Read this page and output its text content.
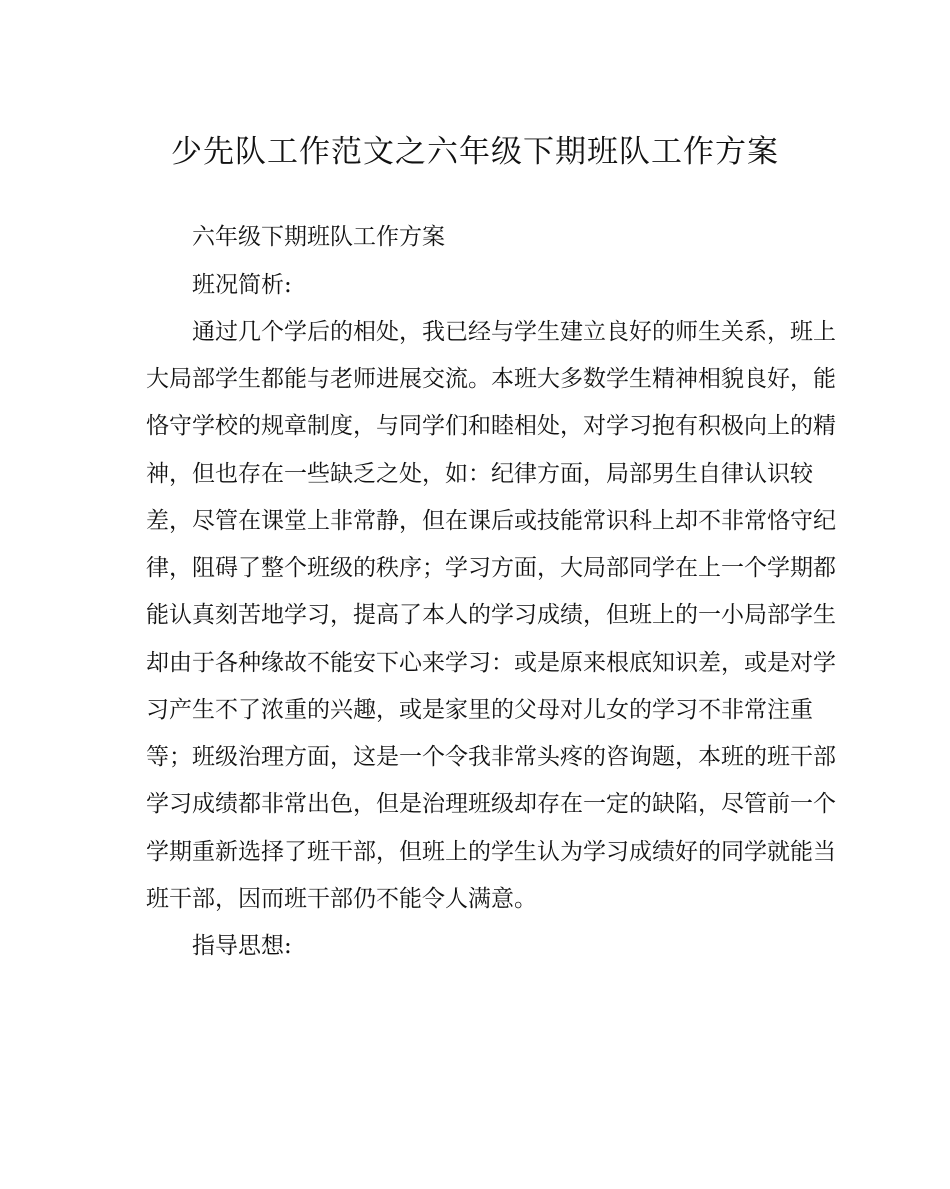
少先队工作范文之六年级下期班队工作方案
六年级下期班队工作方案
班况简析:
通过几个学后的相处，我已经与学生建立良好的师生关系，班上
大局部学生都能与老师进展交流。本班大多数学生精神相貌良好，能
恪守学校的规章制度，与同学们和睦相处，对学习抱有积极向上的精
神，但也存在一些缺乏之处，如：纪律方面，局部男生自律认识较
差，尽管在课堂上非常静，但在课后或技能常识科上却不非常恪守纪
律，阻碍了整个班级的秩序；学习方面，大局部同学在上一个学期都
能认真刻苦地学习，提高了本人的学习成绩，但班上的一小局部学生
却由于各种缘故不能安下心来学习：或是原来根底知识差，或是对学
习产生不了浓重的兴趣，或是家里的父母对儿女的学习不非常注重
等；班级治理方面，这是一个令我非常头疼的咨询题，本班的班干部
学习成绩都非常出色，但是治理班级却存在一定的缺陷，尽管前一个
学期重新选择了班干部，但班上的学生认为学习成绩好的同学就能当
班干部，因而班干部仍不能令人满意。
指导思想:
